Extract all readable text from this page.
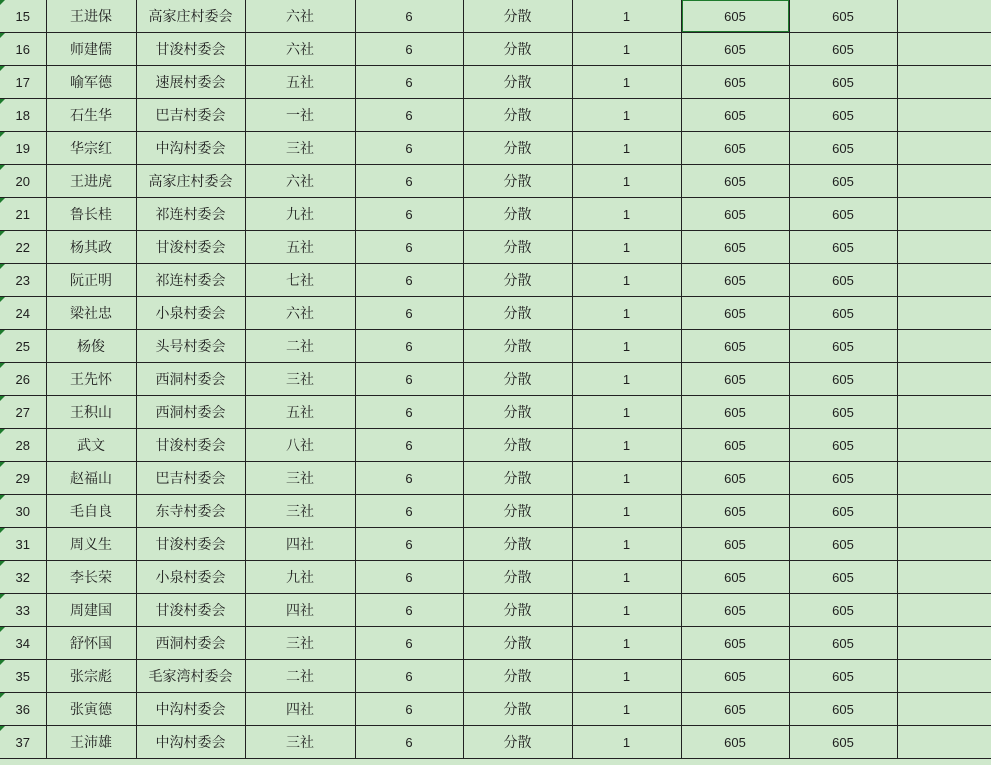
15	王进保	高家庄村委会	六社	6	分散	1	605	605	
16	师建儒	甘浚村委会	六社	6	分散	1	605	605	
17	喻军德	速展村委会	五社	6	分散	1	605	605	
18	石生华	巴吉村委会	一社	6	分散	1	605	605	
19	华宗红	中沟村委会	三社	6	分散	1	605	605	
20	王进虎	高家庄村委会	六社	6	分散	1	605	605	
21	鲁长桂	祁连村委会	九社	6	分散	1	605	605	
22	杨其政	甘浚村委会	五社	6	分散	1	605	605	
23	阮正明	祁连村委会	七社	6	分散	1	605	605	
24	梁社忠	小泉村委会	六社	6	分散	1	605	605	
25	杨俊	头号村委会	二社	6	分散	1	605	605	
26	王先怀	西洞村委会	三社	6	分散	1	605	605	
27	王积山	西洞村委会	五社	6	分散	1	605	605	
28	武文	甘浚村委会	八社	6	分散	1	605	605	
29	赵福山	巴吉村委会	三社	6	分散	1	605	605	
30	毛自良	东寺村委会	三社	6	分散	1	605	605	
31	周义生	甘浚村委会	四社	6	分散	1	605	605	
32	李长荣	小泉村委会	九社	6	分散	1	605	605	
33	周建国	甘浚村委会	四社	6	分散	1	605	605	
34	舒怀国	西洞村委会	三社	6	分散	1	605	605	
35	张宗彪	毛家湾村委会	二社	6	分散	1	605	605	
36	张寅德	中沟村委会	四社	6	分散	1	605	605	
37	王沛雄	中沟村委会	三社	6	分散	1	605	605	
